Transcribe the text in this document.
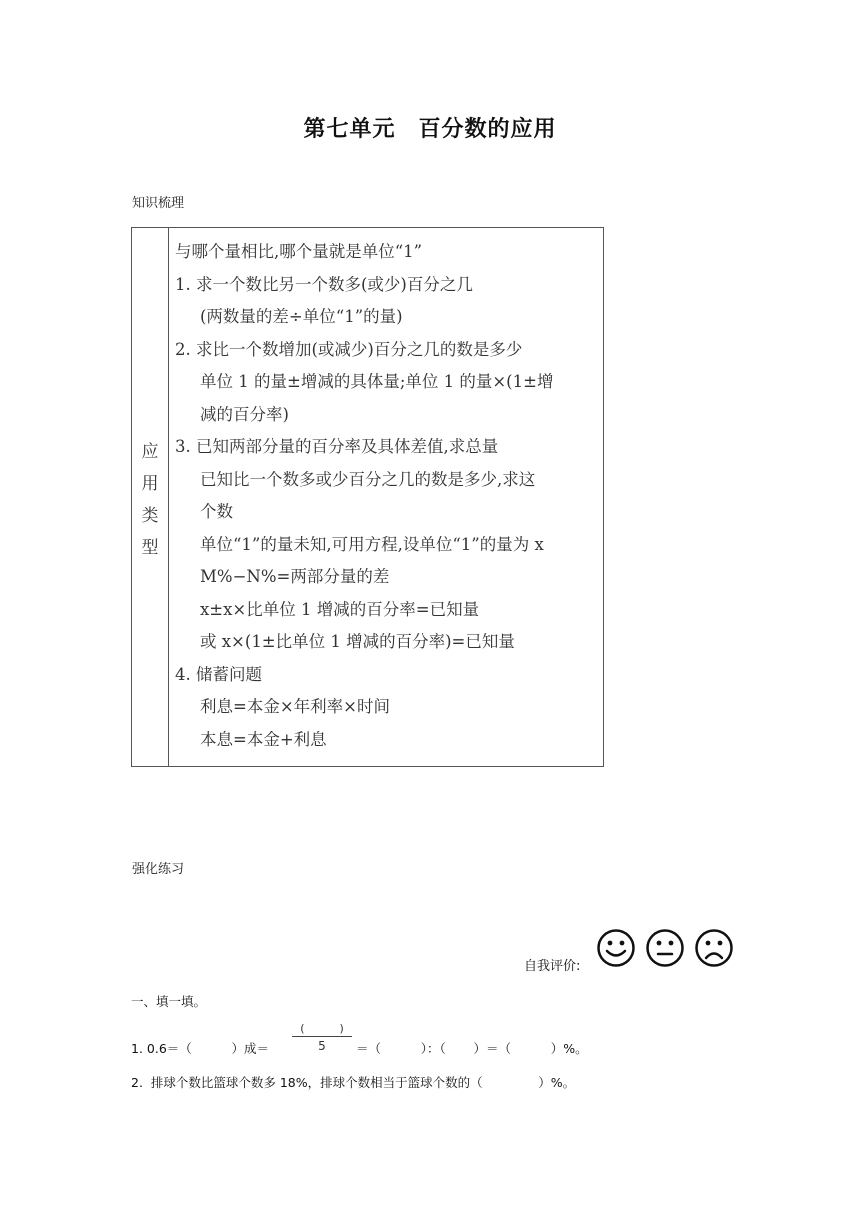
第七单元　百分数的应用
知识梳理
应
用
类
型
与哪个量相比,哪个量就是单位“1”
1. 求一个数比另一个数多(或少)百分之几
(两数量的差÷单位“1”的量)
2. 求比一个数增加(或减少)百分之几的数是多少
单位 1 的量±增减的具体量;单位 1 的量×(1±增
减的百分率)
3. 已知两部分量的百分率及具体差值,求总量
已知比一个数多或少百分之几的数是多少,求这
个数
单位“1”的量未知,可用方程,设单位“1”的量为 x
M%−N%=两部分量的差
x±x×比单位 1 增减的百分率=已知量
或 x×(1±比单位 1 增减的百分率)=已知量
4. 储蓄问题
利息=本金×年利率×时间
本息=本金+利息
强化练习
自我评价:

一、填一填。
1. 0.6＝（          ）成＝
(          )
5	＝（          ）：（       ）＝（          ）%。
2.  排球个数比篮球个数多 18%，排球个数相当于篮球个数的（              ）%。
